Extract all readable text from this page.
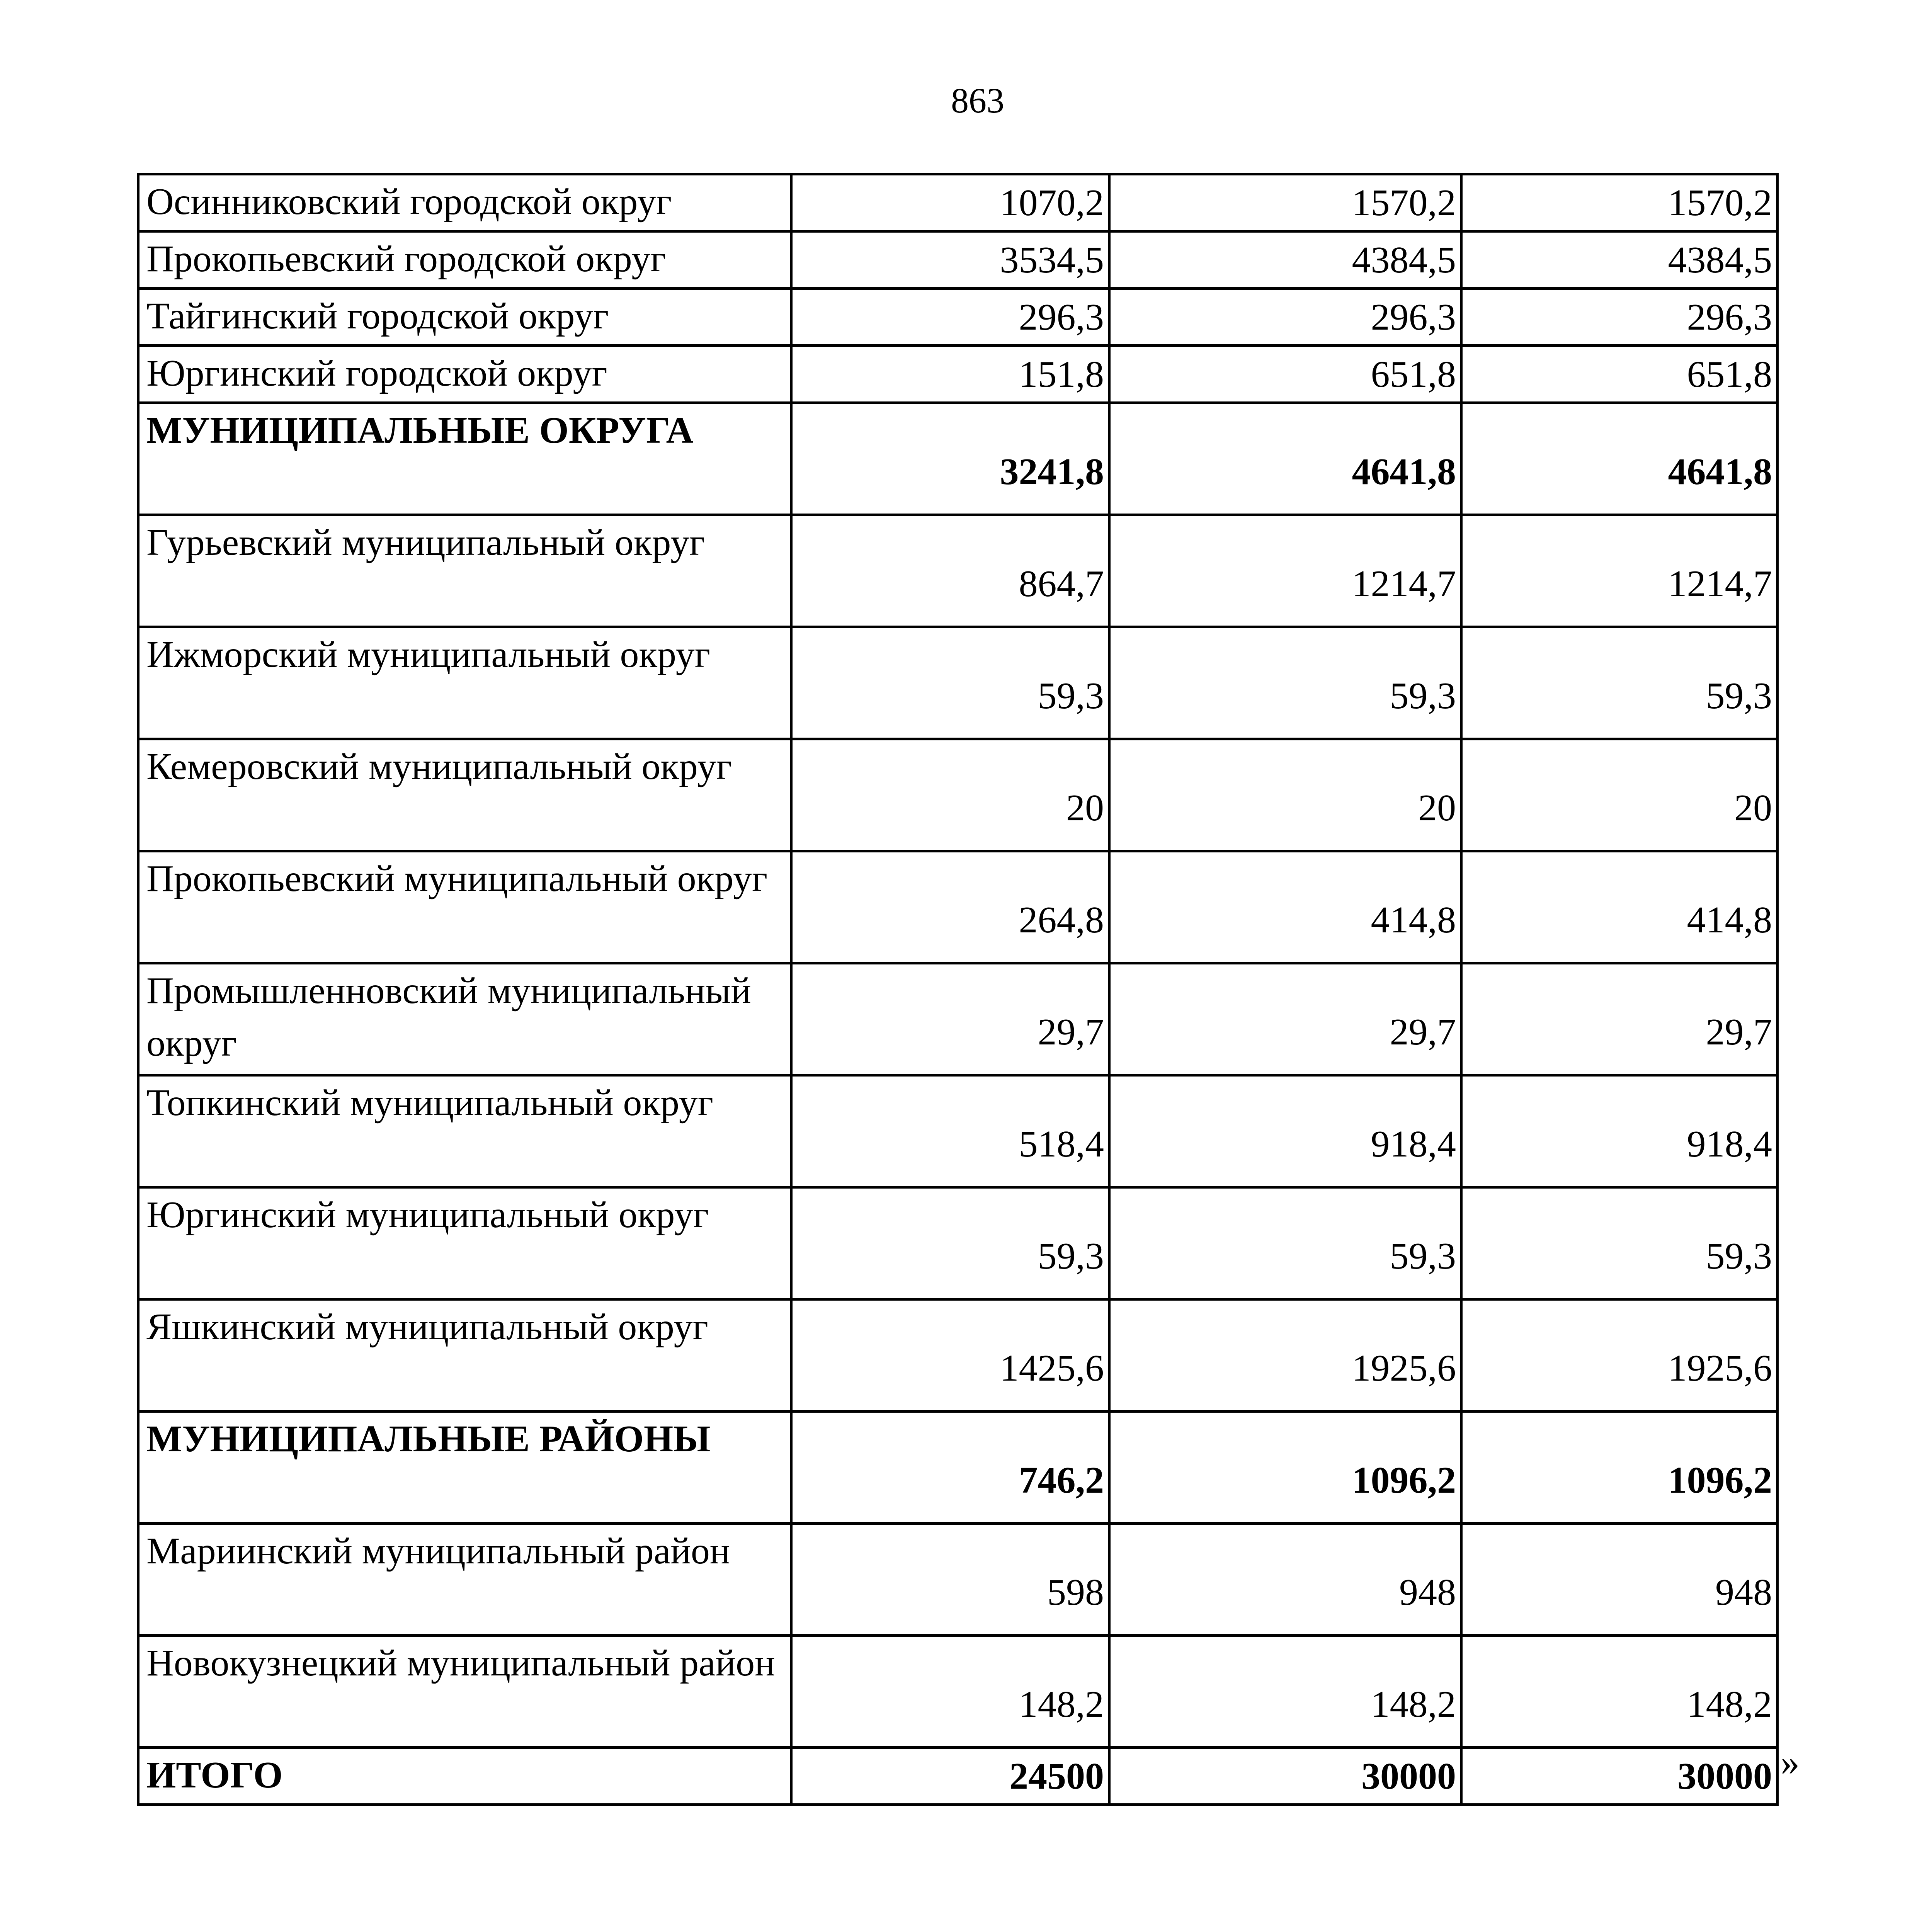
863
Осинниковский городской округ	1070,2	1570,2	1570,2
Прокопьевский городской округ	3534,5	4384,5	4384,5
Тайгинский городской округ	296,3	296,3	296,3
Юргинский городской округ	151,8	651,8	651,8
МУНИЦИПАЛЬНЫЕ ОКРУГА	3241,8	4641,8	4641,8
Гурьевский муниципальный округ	864,7	1214,7	1214,7
Ижморский муниципальный округ	59,3	59,3	59,3
Кемеровский муниципальный округ	20	20	20
Прокопьевский муниципальный округ	264,8	414,8	414,8
Промышленновский муниципальный округ	29,7	29,7	29,7
Топкинский муниципальный округ	518,4	918,4	918,4
Юргинский муниципальный округ	59,3	59,3	59,3
Яшкинский муниципальный округ	1425,6	1925,6	1925,6
МУНИЦИПАЛЬНЫЕ РАЙОНЫ	746,2	1096,2	1096,2
Мариинский муниципальный район	598	948	948
Новокузнецкий муниципальный район	148,2	148,2	148,2
ИТОГО	24500	30000	30000 »
